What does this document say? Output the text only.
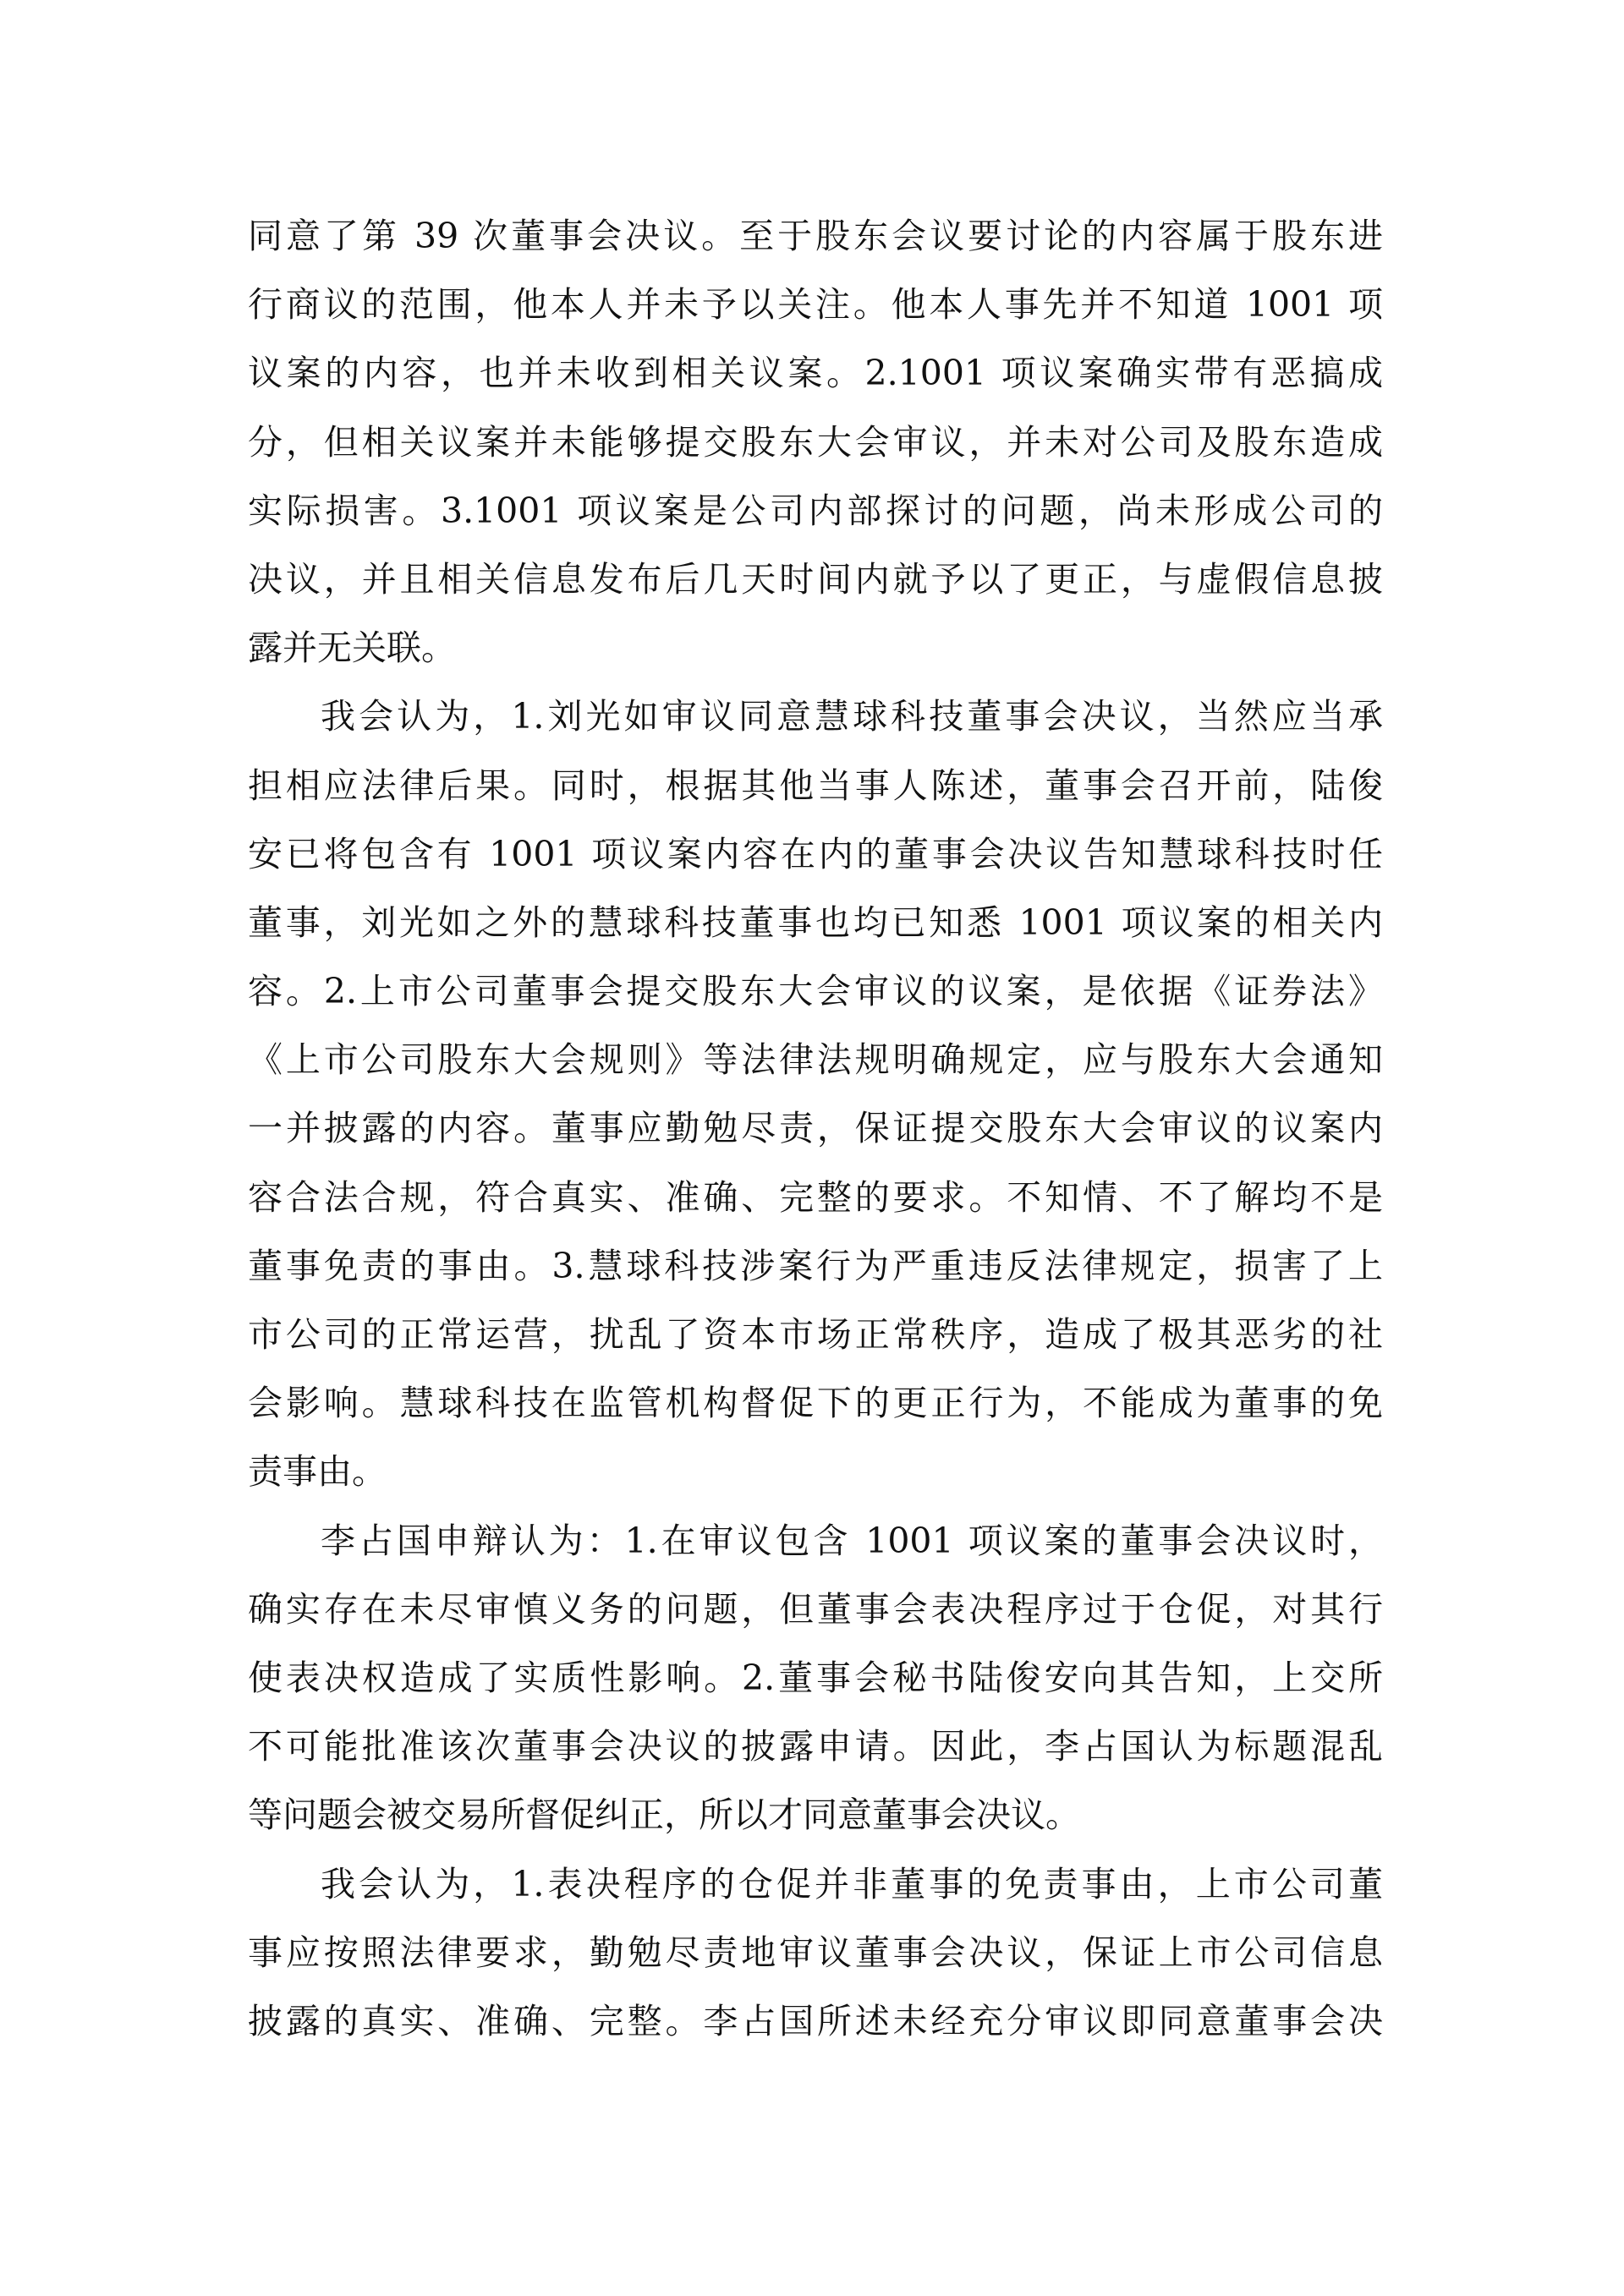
同意了第 39 次董事会决议。至于股东会议要讨论的内容属于股东进
行商议的范围，他本人并未予以关注。他本人事先并不知道 1001 项
议案的内容，也并未收到相关议案。2.1001 项议案确实带有恶搞成
分，但相关议案并未能够提交股东大会审议，并未对公司及股东造成
实际损害。3.1001 项议案是公司内部探讨的问题，尚未形成公司的
决议，并且相关信息发布后几天时间内就予以了更正，与虚假信息披
露并无关联。
我会认为，1.刘光如审议同意慧球科技董事会决议，当然应当承
担相应法律后果。同时，根据其他当事人陈述，董事会召开前，陆俊
安已将包含有 1001 项议案内容在内的董事会决议告知慧球科技时任
董事，刘光如之外的慧球科技董事也均已知悉 1001 项议案的相关内
容。2.上市公司董事会提交股东大会审议的议案，是依据《证券法》
《上市公司股东大会规则》等法律法规明确规定，应与股东大会通知
一并披露的内容。董事应勤勉尽责，保证提交股东大会审议的议案内
容合法合规，符合真实、准确、完整的要求。不知情、不了解均不是
董事免责的事由。3.慧球科技涉案行为严重违反法律规定，损害了上
市公司的正常运营，扰乱了资本市场正常秩序，造成了极其恶劣的社
会影响。慧球科技在监管机构督促下的更正行为，不能成为董事的免
责事由。
李占国申辩认为：1.在审议包含 1001 项议案的董事会决议时，
确实存在未尽审慎义务的问题，但董事会表决程序过于仓促，对其行
使表决权造成了实质性影响。2.董事会秘书陆俊安向其告知，上交所
不可能批准该次董事会决议的披露申请。因此，李占国认为标题混乱
等问题会被交易所督促纠正，所以才同意董事会决议。
我会认为，1.表决程序的仓促并非董事的免责事由，上市公司董
事应按照法律要求，勤勉尽责地审议董事会决议，保证上市公司信息
披露的真实、准确、完整。李占国所述未经充分审议即同意董事会决
